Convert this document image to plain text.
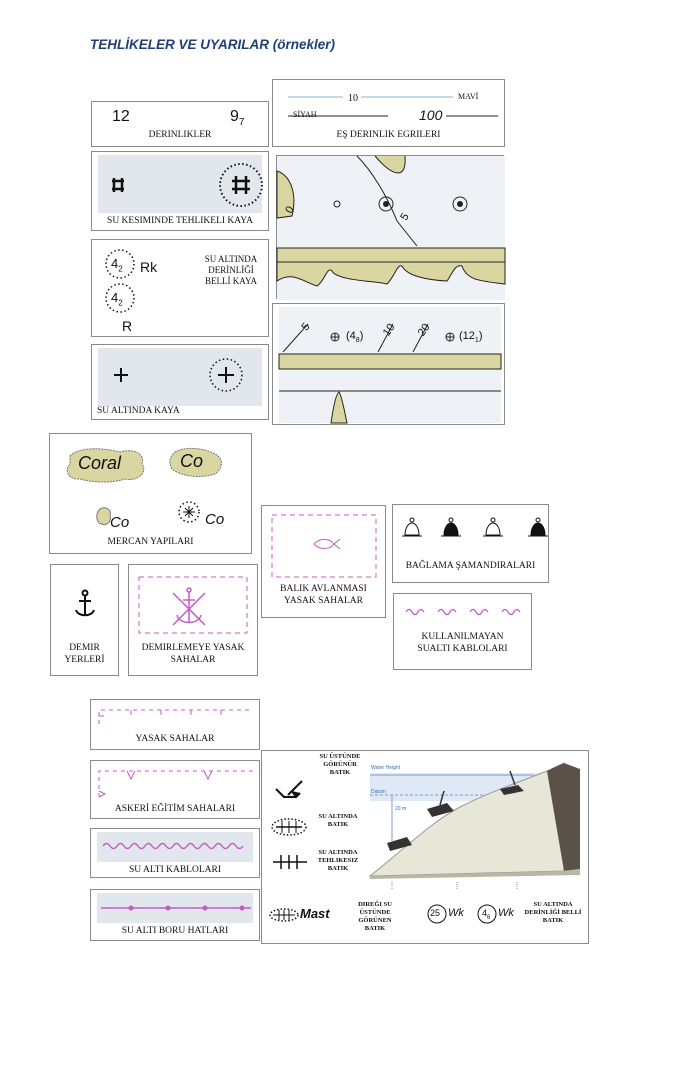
TEHLİKELER VE UYARILAR (örnekler)
12	$9_7$
DERINLIKLER
10	MAVİ
SİYAH	100
EŞ DERINLIK EGRILERI
SU KESIMINDE TEHLIKELI KAYA
0
5
$4_2$ Rk
$4_2$
R
SU ALTINDA DERİNLİĞİ BELLİ KAYA
5
$(4_8)$ 10 20 $(12_1)$
SU ALTINDA KAYA
Coral	Co
Co	Co
MERCAN YAPILARI
BALIK AVLANMASI YASAK SAHALAR
BAĞLAMA ŞAMANDIRALARI
DEMIR YERLERİ
DEMIRLEMEYE YASAK SAHALAR
KULLANILMAYAN SUALTI KABLOLARI
YASAK SAHALAR
ASKERİ EĞİTİM SAHALARI
SU ALTI KABLOLARI
SU ALTI BORU HATLARI
SU ÜSTÜNDE GÖRÜNÜR BATIK
SU ALTINDA BATIK
SU ALTINDA TEHLIKESIZ BATIK
Mast
DIREĞI SU ÜSTÜNDE GÖRÜNEN BATIK
25 Wk $4_6$ Wk
SU ALTINDA DERİNLİĞİ BELLİ BATIK
Water Height
Datum
20 m
